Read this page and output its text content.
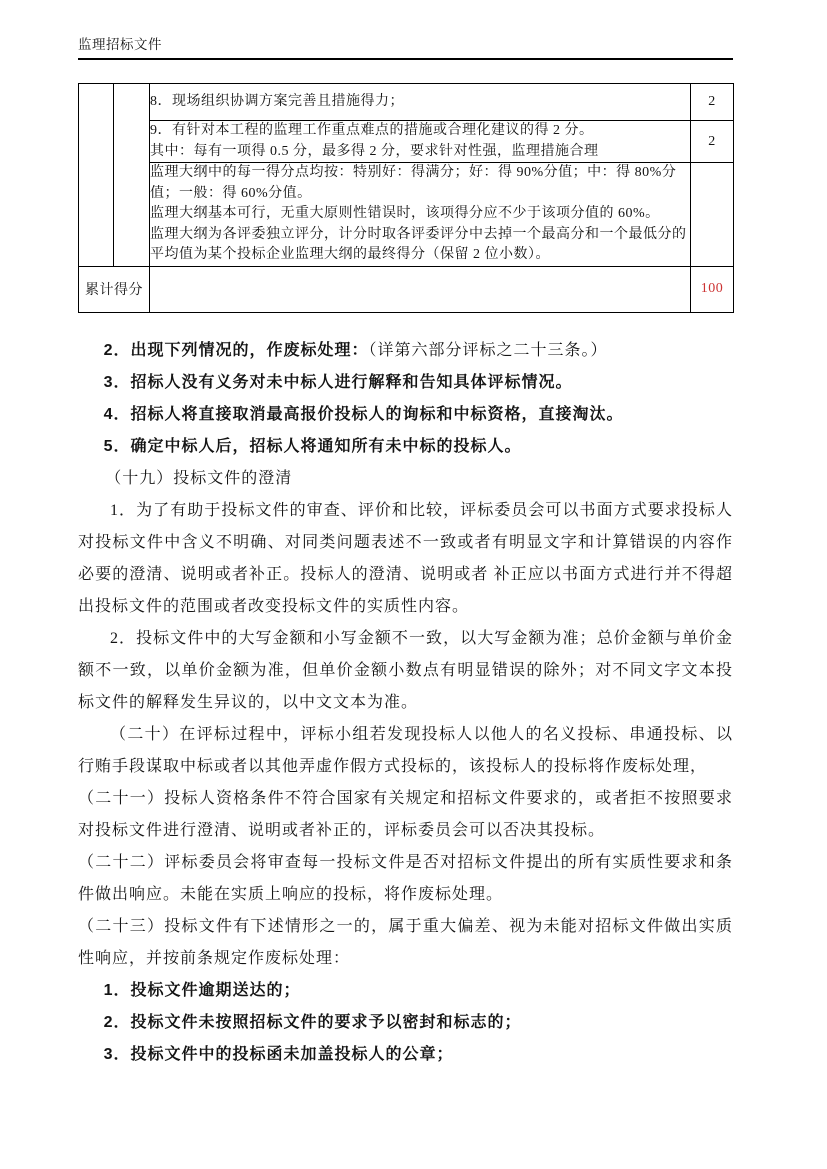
监理招标文件

		8．现场组织协调方案完善且措施得力；	2

		9．有针对本工程的监理工作重点难点的措施或合理化建议的得 2 分。
其中：每有一项得 0.5 分，最多得 2 分，要求针对性强，监理措施合理	2

		监理大纲中的每一得分点均按：特别好：得满分；好：得 90%分值；中：得 80%分值；一般：得 60%分值。
监理大纲基本可行，无重大原则性错误时，该项得分应不少于该项分值的 60%。
监理大纲为各评委独立评分，计分时取各评委评分中去掉一个最高分和一个最低分的平均值为某个投标企业监理大纲的最终得分（保留 2 位小数）。	

累计得分			100

2．出现下列情况的，作废标处理：（详第六部分评标之二十三条。）

3．招标人没有义务对未中标人进行解释和告知具体评标情况。

4．招标人将直接取消最高报价投标人的询标和中标资格，直接淘汰。

5．确定中标人后，招标人将通知所有未中标的投标人。

（十九）投标文件的澄清

1．为了有助于投标文件的审查、评价和比较，评标委员会可以书面方式要求投标人对投标文件中含义不明确、对同类问题表述不一致或者有明显文字和计算错误的内容作必要的澄清、说明或者补正。投标人的澄清、说明或者 补正应以书面方式进行并不得超出投标文件的范围或者改变投标文件的实质性内容。

2．投标文件中的大写金额和小写金额不一致，以大写金额为准；总价金额与单价金额不一致，以单价金额为准，但单价金额小数点有明显错误的除外；对不同文字文本投标文件的解释发生异议的，以中文文本为准。

（二十）在评标过程中，评标小组若发现投标人以他人的名义投标、串通投标、以行贿手段谋取中标或者以其他弄虚作假方式投标的，该投标人的投标将作废标处理，

（二十一）投标人资格条件不符合国家有关规定和招标文件要求的，或者拒不按照要求对投标文件进行澄清、说明或者补正的，评标委员会可以否决其投标。

（二十二）评标委员会将审查每一投标文件是否对招标文件提出的所有实质性要求和条件做出响应。未能在实质上响应的投标，将作废标处理。

（二十三）投标文件有下述情形之一的，属于重大偏差、视为未能对招标文件做出实质性响应，并按前条规定作废标处理：

1．投标文件逾期送达的；

2．投标文件未按照招标文件的要求予以密封和标志的；

3．投标文件中的投标函未加盖投标人的公章；
